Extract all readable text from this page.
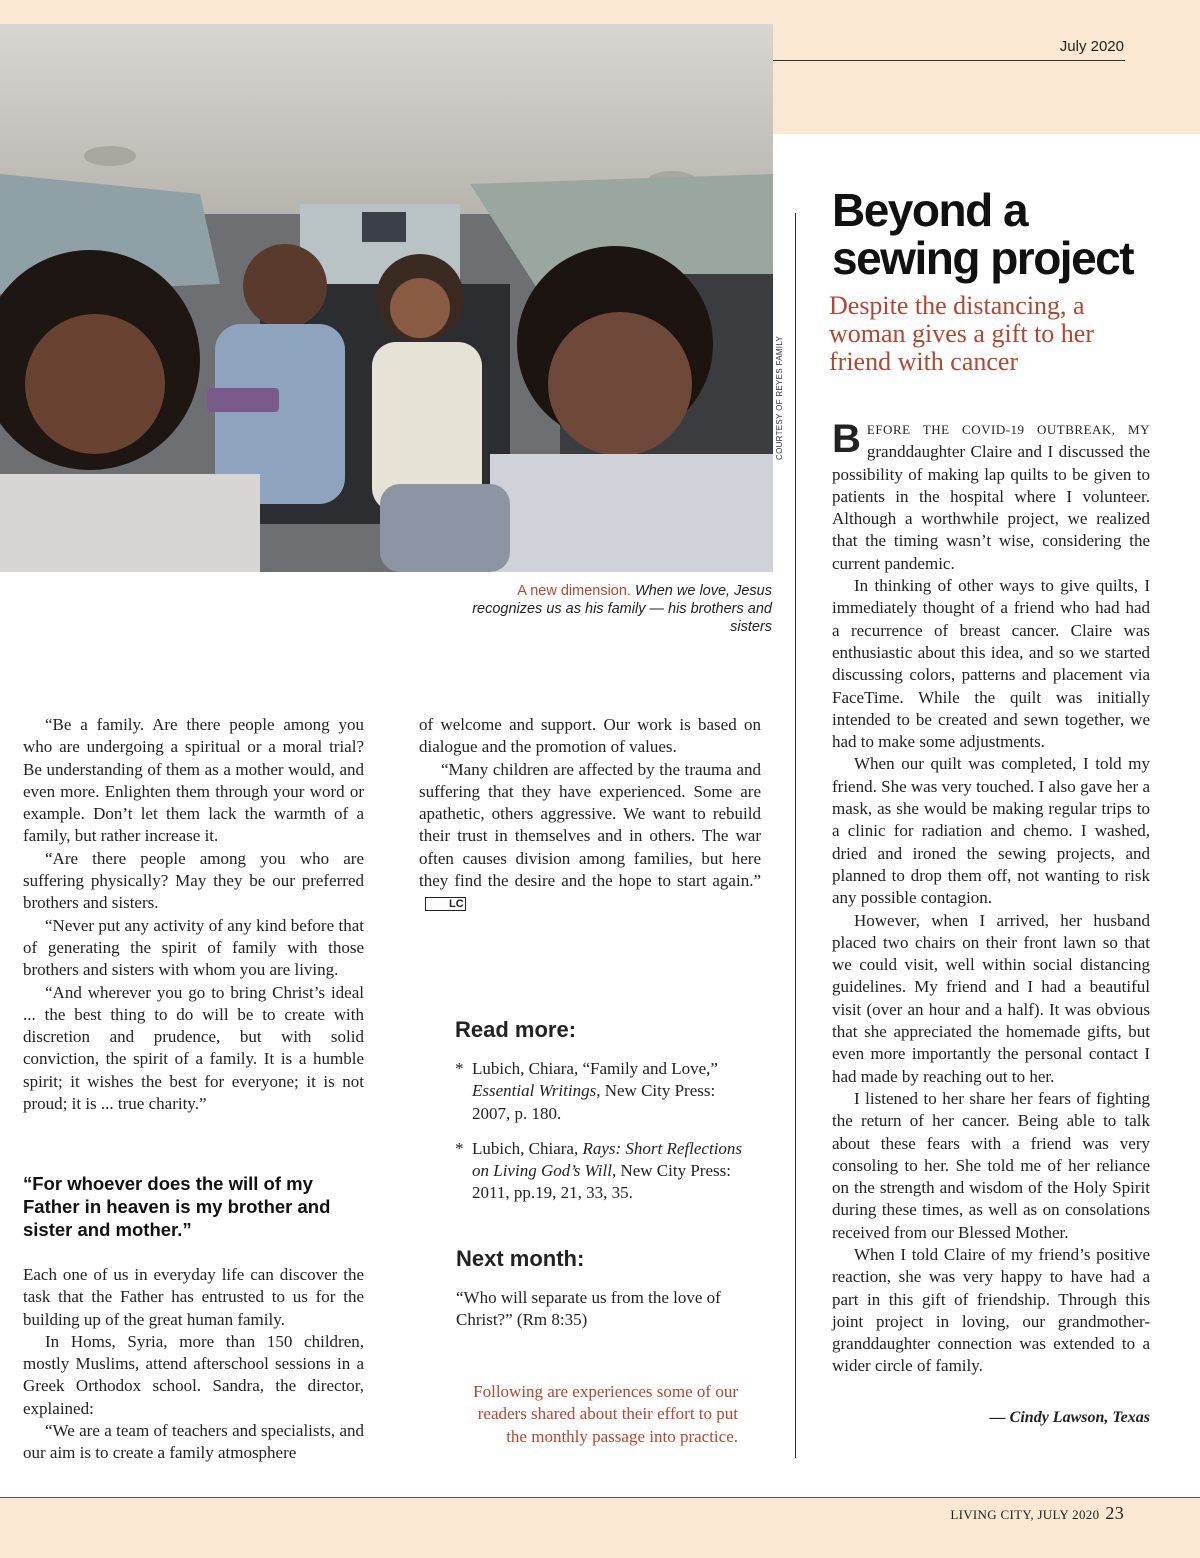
July 2020
COURTESY OF REYES FAMILY
A new dimension. When we love, Jesus recognizes us as his family — his brothers and sisters
Beyond a sewing project

Despite the distancing, a woman gives a gift to her friend with cancer

BEFORE THE COVID-19 OUTBREAK, MY granddaughter Claire and I discussed the possibility of making lap quilts to be given to patients in the hospital where I volunteer. Although a worthwhile project, we realized that the timing wasn’t wise, considering the current pandemic.

In thinking of other ways to give quilts, I immediately thought of a friend who had had a recurrence of breast cancer. Claire was enthusiastic about this idea, and so we started discussing colors, patterns and placement via FaceTime. While the quilt was initially intended to be created and sewn together, we had to make some adjustments.

When our quilt was completed, I told my friend. She was very touched. I also gave her a mask, as she would be making regular trips to a clinic for radiation and chemo. I washed, dried and ironed the sewing projects, and planned to drop them off, not wanting to risk any possible contagion.

However, when I arrived, her husband placed two chairs on their front lawn so that we could visit, well within social distancing guidelines. My friend and I had a beautiful visit (over an hour and a half). It was obvious that she appreciated the homemade gifts, but even more importantly the personal contact I had made by reaching out to her.

I listened to her share her fears of fighting the return of her cancer. Being able to talk about these fears with a friend was very consoling to her. She told me of her reliance on the strength and wisdom of the Holy Spirit during these times, as well as on consolations received from our Blessed Mother.

When I told Claire of my friend’s positive reaction, she was very happy to have had a part in this gift of friendship. Through this joint project in loving, our grandmother-granddaughter connection was extended to a wider circle of family.

— Cindy Lawson, Texas

“Be a family. Are there people among you who are undergoing a spiritual or a moral trial? Be understanding of them as a mother would, and even more. Enlighten them through your word or example. Don’t let them lack the warmth of a family, but rather increase it.

“Are there people among you who are suffering physically? May they be our preferred brothers and sisters.

“Never put any activity of any kind before that of generating the spirit of family with those brothers and sisters with whom you are living.

“And wherever you go to bring Christ’s ideal ... the best thing to do will be to create with discretion and prudence, but with solid conviction, the spirit of a family. It is a humble spirit; it wishes the best for everyone; it is not proud; it is ... true charity.”

“For whoever does the will of my Father in heaven is my brother and sister and mother.”

Each one of us in everyday life can discover the task that the Father has entrusted to us for the building up of the great human family.

In Homs, Syria, more than 150 children, mostly Muslims, attend afterschool sessions in a Greek Orthodox school. Sandra, the director, explained:

“We are a team of teachers and specialists, and our aim is to create a family atmosphere

of welcome and support. Our work is based on dialogue and the promotion of values.

“Many children are affected by the trauma and suffering that they have experienced. Some are apathetic, others aggressive. We want to rebuild their trust in themselves and in others. The war often causes division among families, but here they find the desire and the hope to start again.”LC

Read more:
* Lubich, Chiara, “Family and Love,” Essential Writings, New City Press: 2007, p. 180.
* Lubich, Chiara, Rays: Short Reflections on Living God’s Will, New City Press: 2011, pp.19, 21, 33, 35.
Next month:

“Who will separate us from the love of Christ?” (Rm 8:35)

Following are experiences some of our readers shared about their effort to put the monthly passage into practice.

LIVING CITY, JULY 2020 23
